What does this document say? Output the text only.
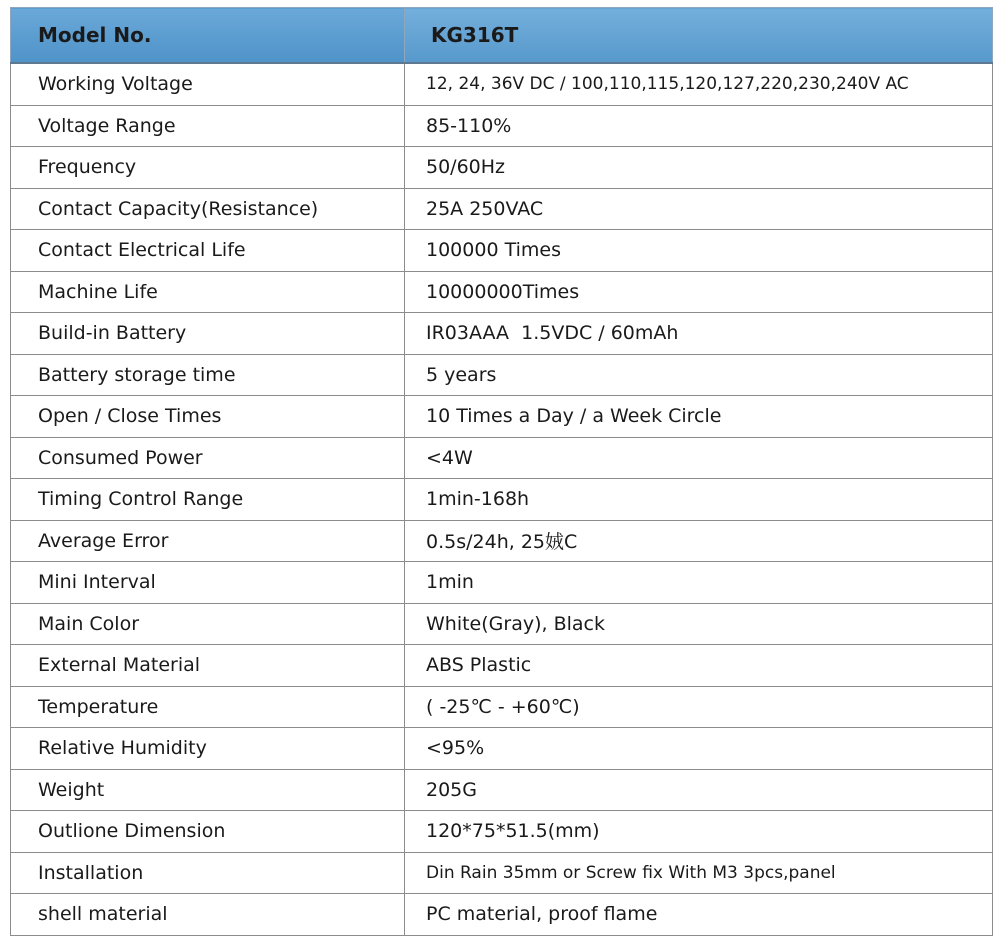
Model No.	KG316T
Working Voltage	12, 24, 36V DC / 100,110,115,120,127,220,230,240V AC
Voltage Range	85-110%
Frequency	50/60Hz
Contact Capacity(Resistance)	25A 250VAC
Contact Electrical Life	100000 Times
Machine Life	10000000Times
Build-in Battery	IR03AAA  1.5VDC / 60mAh
Battery storage time	5 years
Open / Close Times	10 Times a Day / a Week Circle
Consumed Power	<4W
Timing Control Range	1min-168h
Average Error	0.5s/24h, 25娀C
Mini Interval	1min
Main Color	White(Gray), Black
External Material	ABS Plastic
Temperature	( -25℃ - +60℃)
Relative Humidity	<95%
Weight	205G
Outlione Dimension	120*75*51.5(mm)
Installation	Din Rain 35mm or Screw fix With M3 3pcs,panel
shell material	PC material, proof flame
